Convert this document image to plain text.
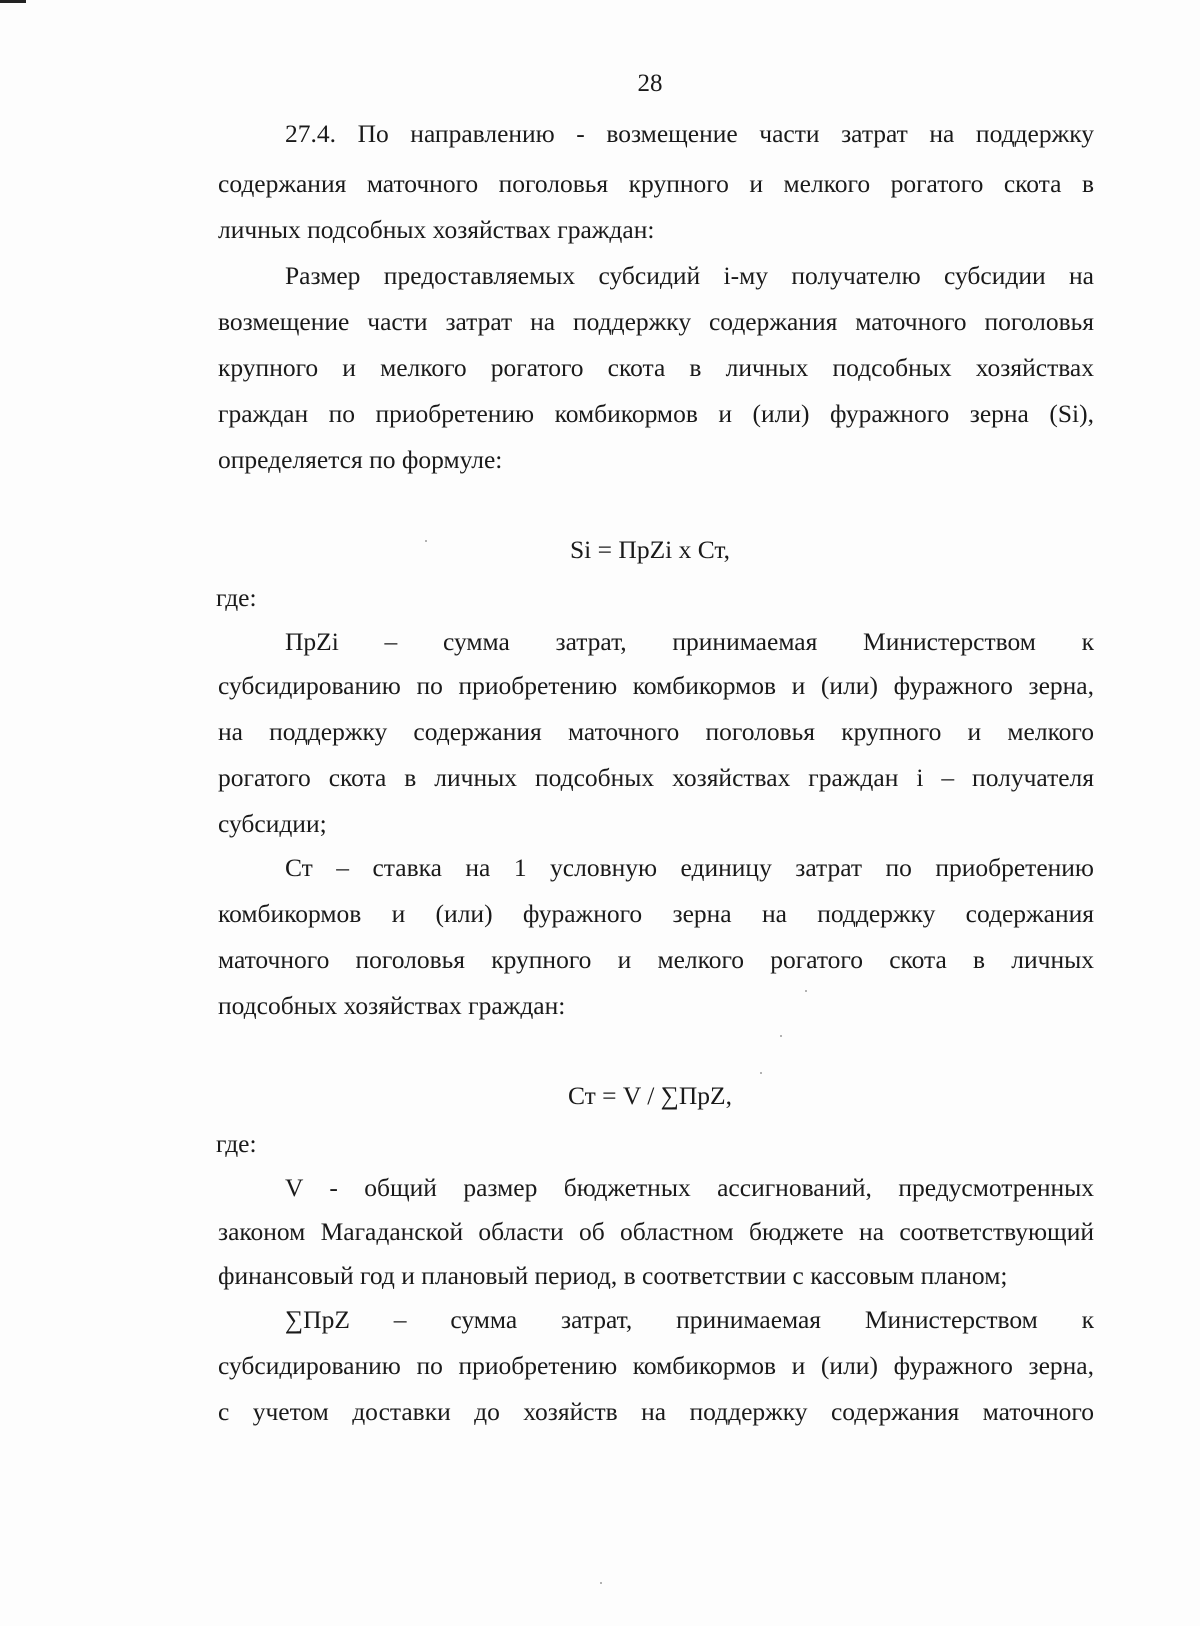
28
27.4. По направлению - возмещение части затрат на поддержку
содержания маточного поголовья крупного и мелкого рогатого скота в
личных подсобных хозяйствах граждан:
Размер предоставляемых субсидий i-му получателю субсидии на
возмещение части затрат на поддержку содержания маточного поголовья
крупного и мелкого рогатого скота в личных подсобных хозяйствах
граждан по приобретению комбикормов и (или) фуражного зерна (Si),
определяется по формуле:
Si = ПрZi x Ст,
где:
ПрZi – сумма затрат, принимаемая Министерством к
субсидированию по приобретению комбикормов и (или) фуражного зерна,
на поддержку содержания маточного поголовья крупного и мелкого
рогатого скота в личных подсобных хозяйствах граждан i – получателя
субсидии;
Ст – ставка на 1 условную единицу затрат по приобретению
комбикормов и (или) фуражного зерна на поддержку содержания
маточного поголовья крупного и мелкого рогатого скота в личных
подсобных хозяйствах граждан:
Ст = V / ∑ПрZ,
где:
V - общий размер бюджетных ассигнований, предусмотренных
законом Магаданской области об областном бюджете на соответствующий
финансовый год и плановый период, в соответствии с кассовым планом;
∑ПрZ – сумма затрат, принимаемая Министерством к
субсидированию по приобретению комбикормов и (или) фуражного зерна,
с учетом доставки до хозяйств на поддержку содержания маточного
